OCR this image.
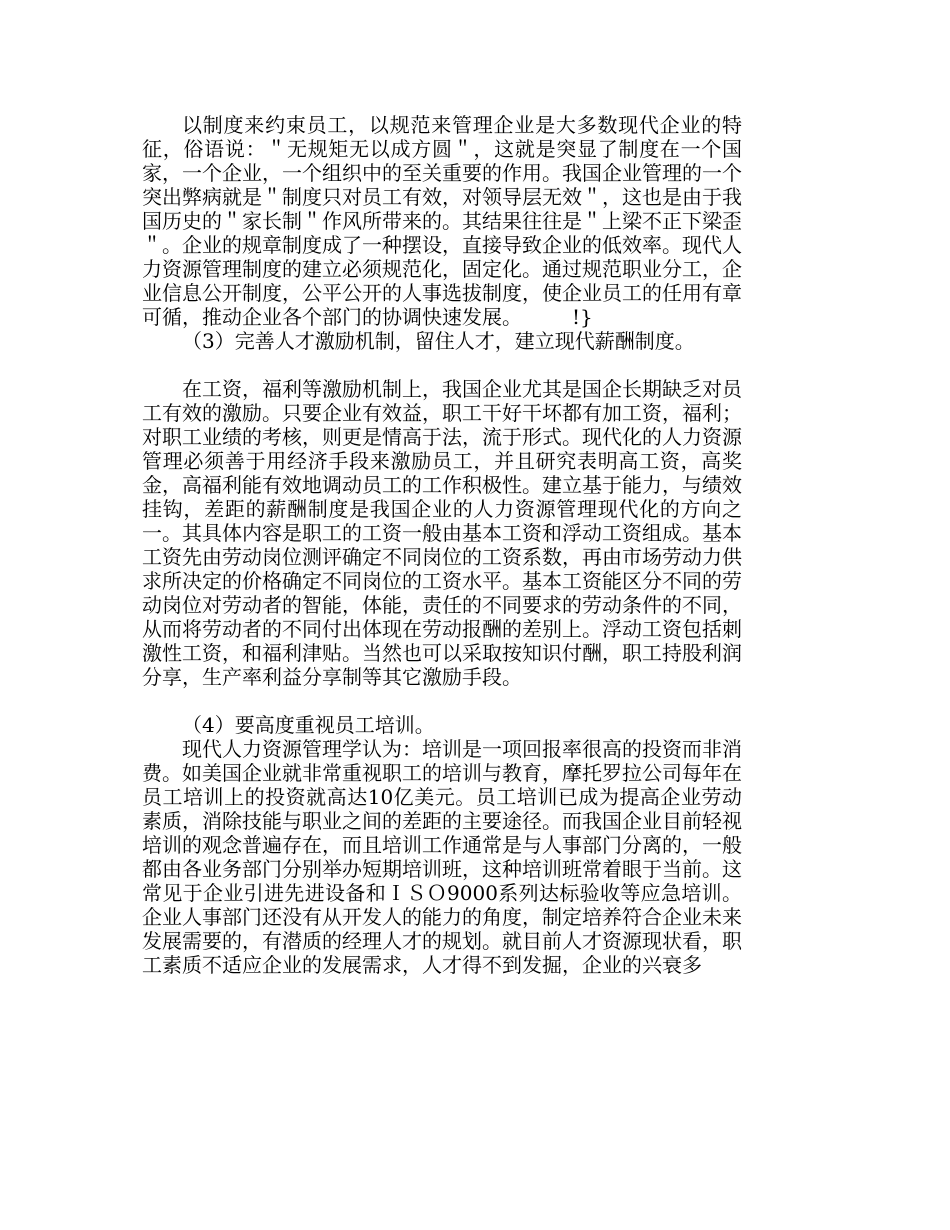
以制度来约束员工，以规范来管理企业是大多数现代企业的特征，俗语说：＂无规矩无以成方圆＂，这就是突显了制度在一个国家，一个企业，一个组织中的至关重要的作用。我国企业管理的一个突出弊病就是＂制度只对员工有效，对领导层无效＂，这也是由于我国历史的＂家长制＂作风所带来的。其结果往往是＂上梁不正下梁歪＂。企业的规章制度成了一种摆设，直接导致企业的低效率。现代人力资源管理制度的建立必须规范化，固定化。通过规范职业分工，企业信息公开制度，公平公开的人事选拔制度，使企业员工的任用有章可循，推动企业各个部门的协调快速发展。　　　!}

（3）完善人才激励机制，留住人才，建立现代薪酬制度。

在工资，福利等激励机制上，我国企业尤其是国企长期缺乏对员工有效的激励。只要企业有效益，职工干好干坏都有加工资，福利；对职工业绩的考核，则更是情高于法，流于形式。现代化的人力资源管理必须善于用经济手段来激励员工，并且研究表明高工资，高奖金，高福利能有效地调动员工的工作积极性。建立基于能力，与绩效挂钩，差距的薪酬制度是我国企业的人力资源管理现代化的方向之一。其具体内容是职工的工资一般由基本工资和浮动工资组成。基本工资先由劳动岗位测评确定不同岗位的工资系数，再由市场劳动力供求所决定的价格确定不同岗位的工资水平。基本工资能区分不同的劳动岗位对劳动者的智能，体能，责任的不同要求的劳动条件的不同，从而将劳动者的不同付出体现在劳动报酬的差别上。浮动工资包括刺激性工资，和福利津贴。当然也可以采取按知识付酬，职工持股利润分享，生产率利益分享制等其它激励手段。

（4）要高度重视员工培训。

现代人力资源管理学认为：培训是一项回报率很高的投资而非消费。如美国企业就非常重视职工的培训与教育，摩托罗拉公司每年在员工培训上的投资就高达10亿美元。员工培训已成为提高企业劳动素质，消除技能与职业之间的差距的主要途径。而我国企业目前轻视培训的观念普遍存在，而且培训工作通常是与人事部门分离的，一般都由各业务部门分别举办短期培训班，这种培训班常着眼于当前。这常见于企业引进先进设备和ＩＳＯ9000系列达标验收等应急培训。企业人事部门还没有从开发人的能力的角度，制定培养符合企业未来发展需要的，有潜质的经理人才的规划。就目前人才资源现状看，职工素质不适应企业的发展需求，人才得不到发掘，企业的兴衰多
